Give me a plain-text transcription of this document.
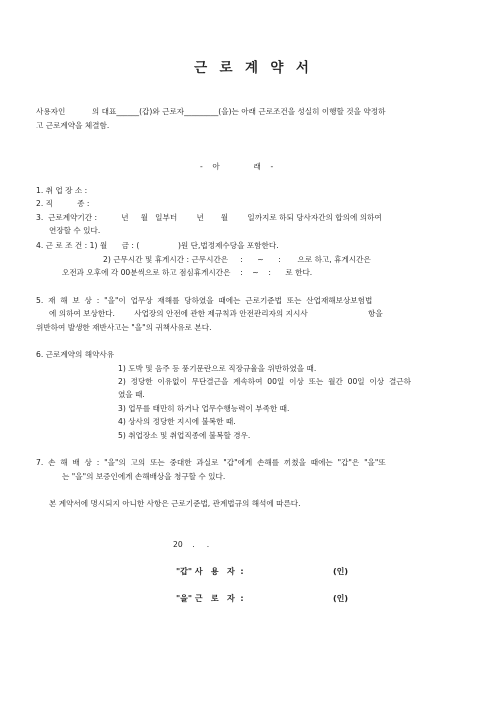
근  로  계  약  서
사용자인           의 대표______(갑)와 근로자_________(을)는 아래 근로조건을 성실히 이행할 것을 약정하
고 근로계약을 체결함.
-    아              래    -
1. 취 업 장 소 :
2. 직          종 :
3.  근로계약기간 :          년     월   일부터        년       월        일까지로 하되 당사자간의 합의에 의하여
연장할 수 있다.
4. 근 로 조 건 : 1) 월      금 : (                )원 단,법정제수당을 포함한다.
2) 근무시간 및 휴게시간 : 근무시간은     :      ~      :       으로 하고, 휴게시간은
오전과 오후에 각 00분씩으로 하고 점심휴게시간은    :    ~    :      로 한다.
5.  재  해  보  상  :  "을"이  업무상  재해를  당하였을  때에는  근로기준법  또는  산업재해보상보험법
에 의하여 보상한다.        사업장의 안전에 관한 제규칙과 안전관리자의 지시사                         항을
위반하여 발생한 재반사고는 "을"의 귀책사유로 본다.
6. 근로계약의 해약사유
1) 도박 및 음주 등 풍기문란으로 직장규율을 위반하였을 때.
2)  정당한  이유없이  무단결근을  계속하여  00일  이상  또는  월간  00일  이상  결근하
였을 때.
3) 업무를 태만히 하거나 업무수행능력이 부족한 때.
4) 상사의 정당한 지시에 불복한 때.
5) 취업장소 및 취업직종에 불복할 경우.
7.  손  해  배  상  :  "을"의  고의  또는  중대한  과실로  "갑"에게  손해를  끼쳤을  때에는  "갑"은  "을"또
는 "을"의 보증인에게 손해배상을 청구할 수 있다.
본 계약서에 명시되지 아니한 사항은 근로기준법, 관계법규의 해석에 따른다.
20    .     .
"갑" 사   용   자  :	(인)
"을" 근   로   자  :	(인)
